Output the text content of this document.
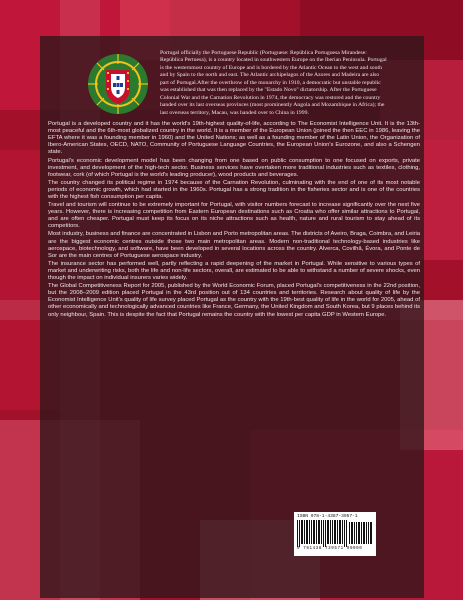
Portugal officially the Portuguese Republic (Portuguese: República Portuguesa Mirandese: República Pertuesa), is a country located in southwestern Europe on the Iberian Peninsula. Portugal is the westernmost country of Europe and is bordered by the Atlantic Ocean to the west and south and by Spain to the north and east. The Atlantic archipelagos of the Azores and Madeira are also part of Portugal.After the overthrow of the monarchy in 1910, a democratic but unstable republic was established that was then replaced by the "Estado Novo" dictatorship. After the Portuguese Colonial War and the Carnation Revolution in 1974, the democracy was restored and the country handed over its last overseas provinces (most prominently Angola and Mozambique in Africa); the last overseas territory, Macau, was handed over to China in 1999.

Portugal is a developed country and it has the world's 19th-highest quality-of-life, according to The Economist Intelligence Unit. It is the 13th-most peaceful and the 6th-most globalized country in the world. It is a member of the European Union (joined the then EEC in 1986, leaving the EFTA where it was a founding member in 1960) and the United Nations; as well as a founding member of the Latin Union, the Organization of Ibero-American States, OECD, NATO, Community of Portuguese Language Countries, the European Union's Eurozone, and also a Schengen state.

Portugal's economic development model has been changing from one based on public consumption to one focused on exports, private investment, and development of the high-tech sector. Business services have overtaken more traditional industries such as textiles, clothing, footwear, cork (of which Portugal is the world's leading producer), wood products and beverages.

The country changed its political regime in 1974 because of the Carnation Revolution, culminating with the end of one of its most notable periods of economic growth, which had started in the 1960s. Portugal has a strong tradition in the fisheries sector and is one of the countries with the highest fish consumption per capita.

Travel and tourism will continue to be extremely important for Portugal, with visitor numbers forecast to increase significantly over the next five years. However, there is increasing competition from Eastern European destinations such as Croatia who offer similar attractions to Portugal, and are often cheaper. Portugal must keep its focus on its niche attractions such as health, nature and rural tourism to stay ahead of its competitors.

Most industry, business and finance are concentrated in Lisbon and Porto metropolitan areas. The districts of Aveiro, Braga, Coimbra, and Leiria are the biggest economic centres outside those two main metropolitan areas. Modern non-traditional technology-based industries like aerospace, biotechnology, and software, have been developed in several locations across the country. Alverca, Covilhã, Évora, and Ponte de Sor are the main centres of Portuguese aerospace industry.

The insurance sector has performed well, partly reflecting a rapid deepening of the market in Portugal. While sensitive to various types of market and underwriting risks, both the life and non-life sectors, overall, are estimated to be able to withstand a number of severe shocks, even though the impact on individual insurers varies widely.

The Global Competitiveness Report for 2005, published by the World Economic Forum, placed Portugal's competitiveness in the 22nd position, but the 2008–2009 edition placed Portugal in the 43rd position out of 134 countries and territories. Research about quality of life by the Economist Intelligence Unit's quality of life survey placed Portugal as the country with the 19th-best quality of life in the world for 2005, ahead of other economically and technologically advanced countries like France, Germany, the United Kingdom and South Korea, but 9 places behind its only neighbour, Spain. This is despite the fact that Portugal remains the country with the lowest per capita GDP in Western Europe.

ISBN 978-1-4387-3957-1
9 781438 739571 90000
